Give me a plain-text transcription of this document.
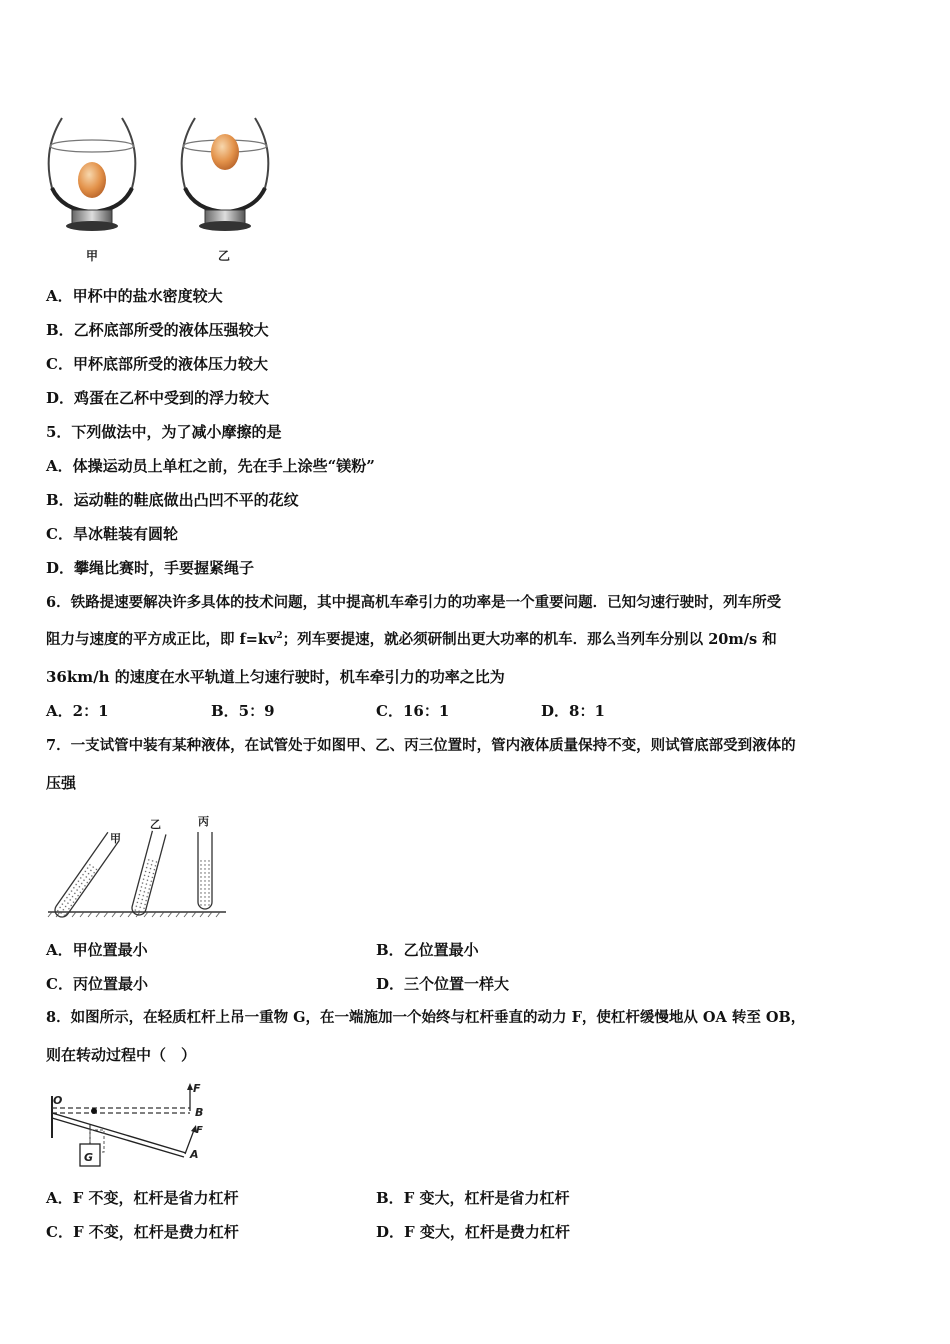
甲	乙
A．甲杯中的盐水密度较大
B．乙杯底部所受的液体压强较大
C．甲杯底部所受的液体压力较大
D．鸡蛋在乙杯中受到的浮力较大
5．下列做法中，为了减小摩擦的是
A．体操运动员上单杠之前，先在手上涂些“镁粉”
B．运动鞋的鞋底做出凸凹不平的花纹
C．旱冰鞋装有圆轮
D．攀绳比赛时，手要握紧绳子
6．铁路提速要解决许多具体的技术问题，其中提高机车牵引力的功率是一个重要问题．已知匀速行驶时，列车所受
阻力与速度的平方成正比，即 $f=kv^2$；列车要提速，就必须研制出更大功率的机车．那么当列车分别以 20m/s 和
36km/h 的速度在水平轨道上匀速行驶时，机车牵引力的功率之比为
A．2：1	B．5：9	C．16：1	D．8：1
7．一支试管中装有某种液体，在试管处于如图甲、乙、丙三位置时，管内液体质量保持不变，则试管底部受到液体的
压强
甲
乙	丙
A．甲位置最小	B．乙位置最小
C．丙位置最小	D．三个位置一样大
8．如图所示，在轻质杠杆上吊一重物 G，在一端施加一个始终与杠杆垂直的动力 F，使杠杆缓慢地从 OA 转至 OB，
则在转动过程中（　）
O
B
A
F
F
G
A．F 不变，杠杆是省力杠杆	B．F 变大，杠杆是省力杠杆
C．F 不变，杠杆是费力杠杆	D．F 变大，杠杆是费力杠杆
